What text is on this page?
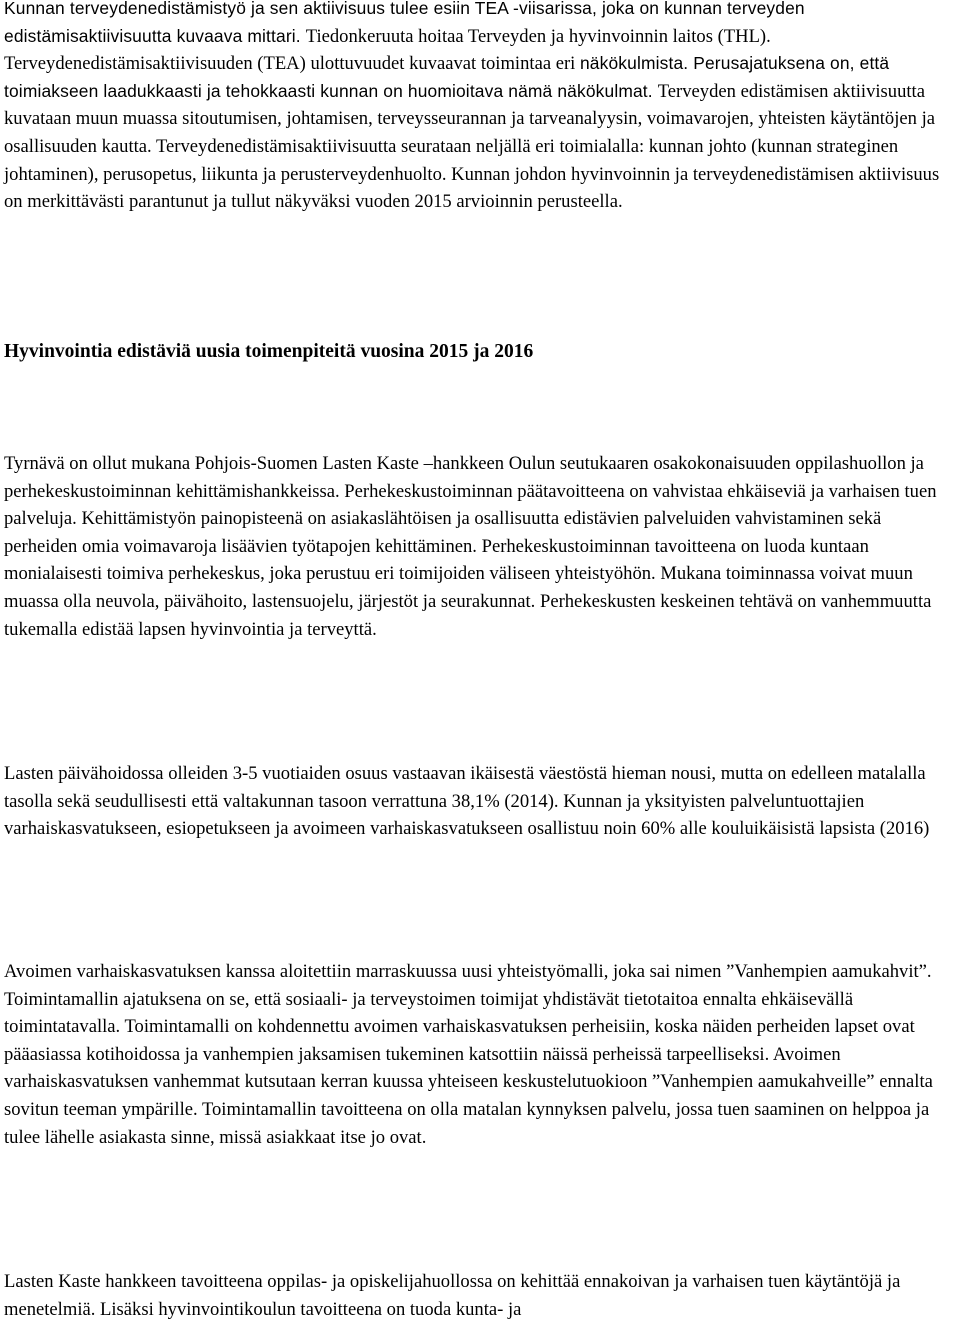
Kunnan terveydenedistämistyö ja sen aktiivisuus tulee esiin TEA -viisarissa, joka on kunnan terveyden edistämisaktiivisuutta kuvaava mittari. Tiedonkeruuta hoitaa Terveyden ja hyvinvoinnin laitos (THL). Terveydenedistämisaktiivisuuden (TEA) ulottuvuudet kuvaavat toimintaa eri näkökulmista. Perusajatuksena on, että toimiakseen laadukkaasti ja tehokkaasti kunnan on huomioitava nämä näkökulmat. Terveyden edistämisen aktiivisuutta kuvataan muun muassa sitoutumisen, johtamisen, terveysseurannan ja tarveanalyysin, voimavarojen, yhteisten käytäntöjen ja osallisuuden kautta. Terveydenedistämisaktiivisuutta seurataan neljällä eri toimialalla: kunnan johto (kunnan strateginen johtaminen), perusopetus, liikunta ja perusterveydenhuolto. Kunnan johdon hyvinvoinnin ja terveydenedistämisen aktiivisuus on merkittävästi parantunut ja tullut näkyväksi vuoden 2015 arvioinnin perusteella.

Hyvinvointia edistäviä uusia toimenpiteitä vuosina 2015 ja 2016

Tyrnävä on ollut mukana Pohjois-Suomen Lasten Kaste –hankkeen Oulun seutukaaren osakokonaisuuden oppilashuollon ja perhekeskustoiminnan kehittämishankkeissa. Perhekeskustoiminnan päätavoitteena on vahvistaa ehkäiseviä ja varhaisen tuen palveluja. Kehittämistyön painopisteenä on asiakaslähtöisen ja osallisuutta edistävien palveluiden vahvistaminen sekä perheiden omia voimavaroja lisäävien työtapojen kehittäminen. Perhekeskustoiminnan tavoitteena on luoda kuntaan monialaisesti toimiva perhekeskus, joka perustuu eri toimijoiden väliseen yhteistyöhön. Mukana toiminnassa voivat muun muassa olla neuvola, päivähoito, lastensuojelu, järjestöt ja seurakunnat. Perhekeskusten keskeinen tehtävä on vanhemmuutta tukemalla edistää lapsen hyvinvointia ja terveyttä.

Lasten päivähoidossa olleiden 3-5 vuotiaiden osuus vastaavan ikäisestä väestöstä hieman nousi, mutta on edelleen matalalla tasolla sekä seudullisesti että valtakunnan tasoon verrattuna 38,1% (2014). Kunnan ja yksityisten palveluntuottajien varhaiskasvatukseen, esiopetukseen ja avoimeen varhaiskasvatukseen osallistuu noin 60% alle kouluikäisistä lapsista (2016)

Avoimen varhaiskasvatuksen kanssa aloitettiin marraskuussa uusi yhteistyömalli, joka sai nimen ”Vanhempien aamukahvit”. Toimintamallin ajatuksena on se, että sosiaali- ja terveystoimen toimijat yhdistävät tietotaitoa ennalta ehkäisevällä toimintatavalla. Toimintamalli on kohdennettu avoimen varhaiskasvatuksen perheisiin, koska näiden perheiden lapset ovat pääasiassa kotihoidossa ja vanhempien jaksamisen tukeminen katsottiin näissä perheissä tarpeelliseksi. Avoimen varhaiskasvatuksen vanhemmat kutsutaan kerran kuussa yhteiseen keskustelutuokioon ”Vanhempien aamukahveille” ennalta sovitun teeman ympärille. Toimintamallin tavoitteena on olla matalan kynnyksen palvelu, jossa tuen saaminen on helppoa ja tulee lähelle asiakasta sinne, missä asiakkaat itse jo ovat.

Lasten Kaste hankkeen tavoitteena oppilas- ja opiskelijahuollossa on kehittää ennakoivan ja varhaisen tuen käytäntöjä ja menetelmiä. Lisäksi hyvinvointikoulun tavoitteena on tuoda kunta- ja
